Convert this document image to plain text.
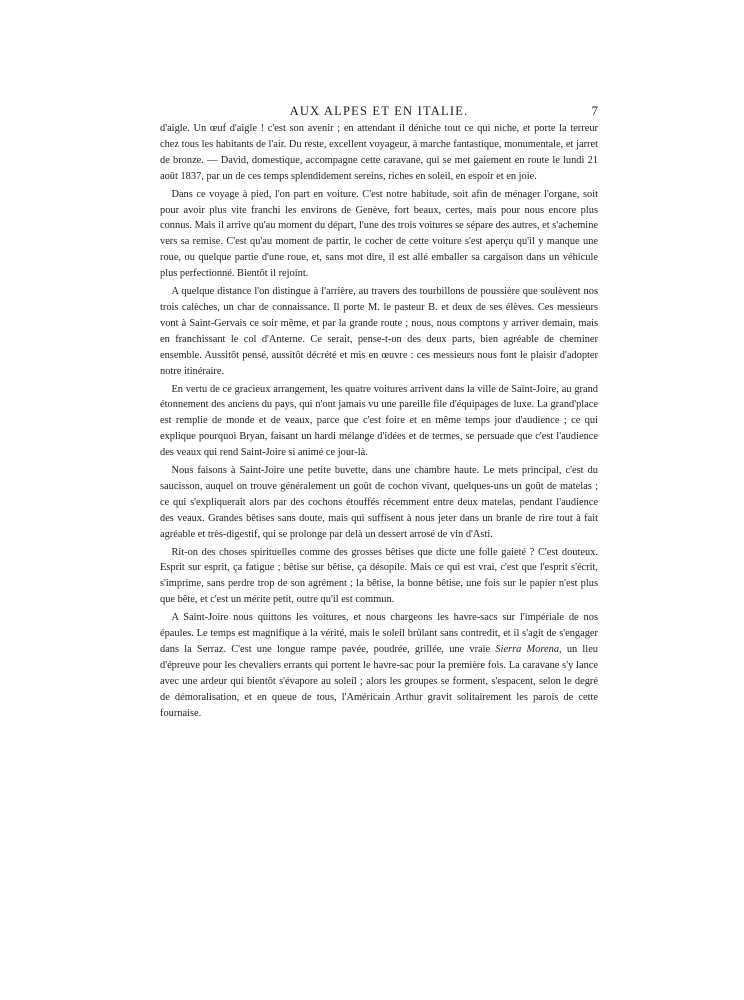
AUX ALPES ET EN ITALIE.	7

d'aigle. Un œuf d'aigle ! c'est son avenir ; en attendant il déniche tout ce qui niche, et porte la terreur chez tous les habitants de l'air. Du reste, excellent voyageur, à marche fantastique, monumentale, et jarret de bronze. — David, domestique, accompagne cette caravane, qui se met gaiement en route le lundi 21 août 1837, par un de ces temps splendidement sereins, riches en soleil, en espoir et en joie.

Dans ce voyage à pied, l'on part en voiture. C'est notre habitude, soit afin de ménager l'organe, soit pour avoir plus vite franchi les environs de Genève, fort beaux, certes, mais pour nous encore plus connus. Mais il arrive qu'au moment du départ, l'une des trois voitures se sépare des autres, et s'achemine vers sa remise. C'est qu'au moment de partir, le cocher de cette voiture s'est aperçu qu'il y manque une roue, ou quelque partie d'une roue, et, sans mot dire, il est allé emballer sa cargaison dans un véhicule plus perfectionné. Bientôt il rejoint.

A quelque distance l'on distingue à l'arrière, au travers des tourbillons de poussière que soulèvent nos trois calèches, un char de connaissance. Il porte M. le pasteur B. et deux de ses élèves. Ces messieurs vont à Saint-Gervais ce soir même, et par la grande route ; nous, nous comptons y arriver demain, mais en franchissant le col d'Anterne. Ce serait, pense-t-on des deux parts, bien agréable de cheminer ensemble. Aussitôt pensé, aussitôt décrété et mis en œuvre : ces messieurs nous font le plaisir d'adopter notre itinéraire.

En vertu de ce gracieux arrangement, les quatre voitures arrivent dans la ville de Saint-Joire, au grand étonnement des anciens du pays, qui n'ont jamais vu une pareille file d'équipages de luxe. La grand'place est remplie de monde et de veaux, parce que c'est foire et en même temps jour d'audience ; ce qui explique pourquoi Bryan, faisant un hardi mélange d'idées et de termes, se persuade que c'est l'audience des veaux qui rend Saint-Joire si animé ce jour-là.

Nous faisons à Saint-Joire une petite buvette, dans une chambre haute. Le mets principal, c'est du saucisson, auquel on trouve généralement un goût de cochon vivant, quelques-uns un goût de matelas ; ce qui s'expliquerait alors par des cochons étouffés récemment entre deux matelas, pendant l'audience des veaux. Grandes bêtises sans doute, mais qui suffisent à nous jeter dans un branle de rire tout à fait agréable et très-digestif, qui se prolonge par delà un dessert arrosé de vin d'Asti.

Rit-on des choses spirituelles comme des grosses bêtises que dicte une folle gaieté ? C'est douteux. Esprit sur esprit, ça fatigue ; bêtise sur bêtise, ça désopile. Mais ce qui est vrai, c'est que l'esprit s'écrit, s'imprime, sans perdre trop de son agrément ; la bêtise, la bonne bêtise, une fois sur le papier n'est plus que bête, et c'est un mérite petit, outre qu'il est commun.

A Saint-Joire nous quittons les voitures, et nous chargeons les havre-sacs sur l'impériale de nos épaules. Le temps est magnifique à la vérité, mais le soleil brûlant sans contredit, et il s'agit de s'engager dans la Serraz. C'est une longue rampe pavée, poudrée, grillée, une vraie Sierra Morena, un lieu d'épreuve pour les chevaliers errants qui portent le havre-sac pour la première fois. La caravane s'y lance avec une ardeur qui bientôt s'évapore au soleil ; alors les groupes se forment, s'espacent, selon le degré de démoralisation, et en queue de tous, l'Américain Arthur gravit solitairement les parois de cette fournaise.
